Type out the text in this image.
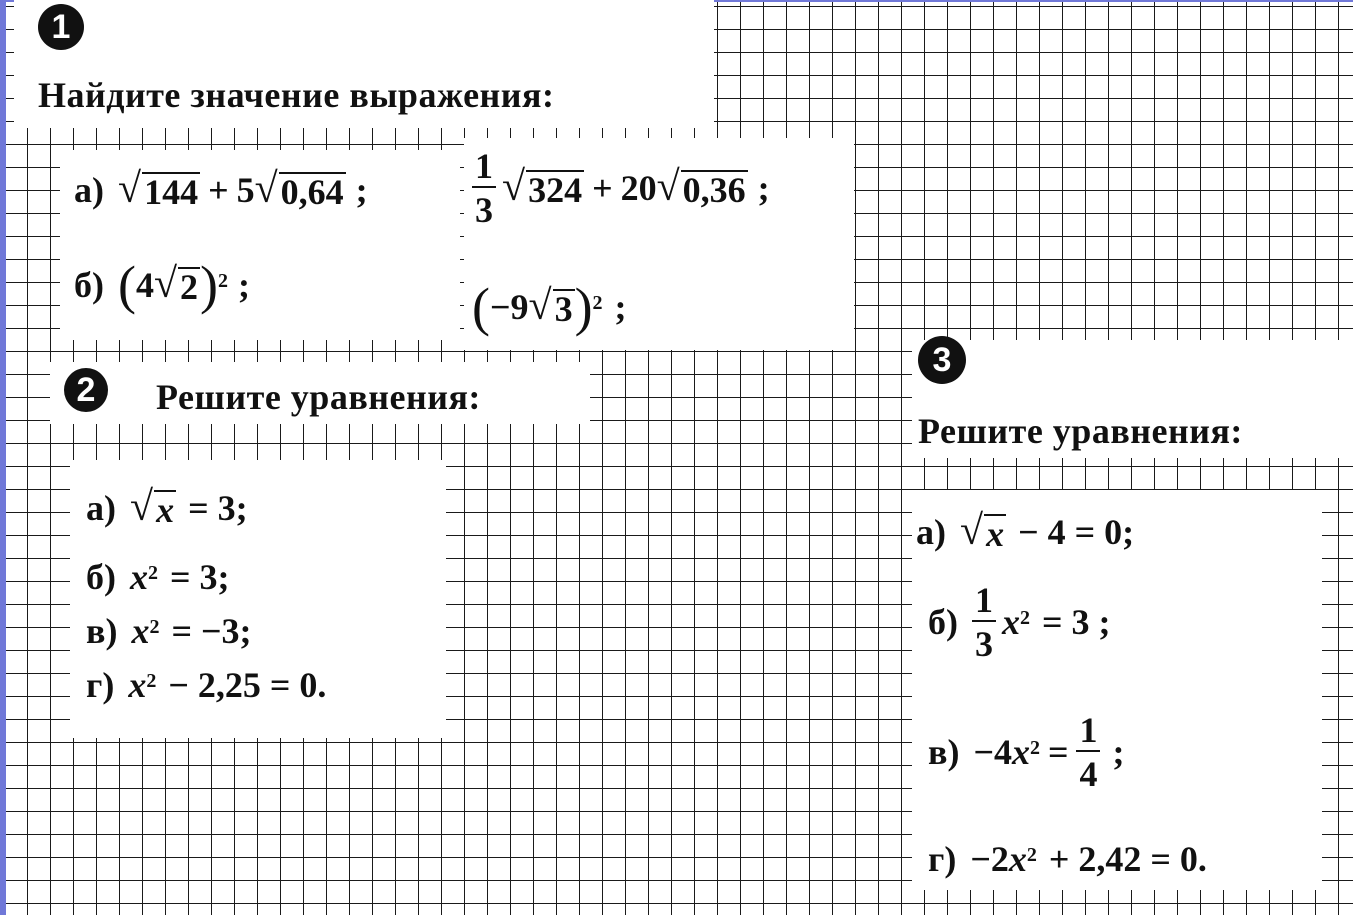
1
Найдите значение выражения:
а) √ 144 + 5 √ 0,64 ;	$\frac{1}{3}$ √ 324 + 20 √ 0,36 ;
б) ( 4 √ 2 ) 2 ;	( −9 √ 3 ) 2 ;
2 Решите уравнения:
а) √ x = 3;
б) x 2 = 3;
в) x 2 = −3;
г) x 2 − 2,25 = 0.
3
Решите уравнения:
а) √ x − 4 = 0;
$б) \frac{1}{3}$ x 2 = 3 ;
в) −4 x $2 = \frac{1}{4}$ ;
г) −2 x 2 + 2,42 = 0.
